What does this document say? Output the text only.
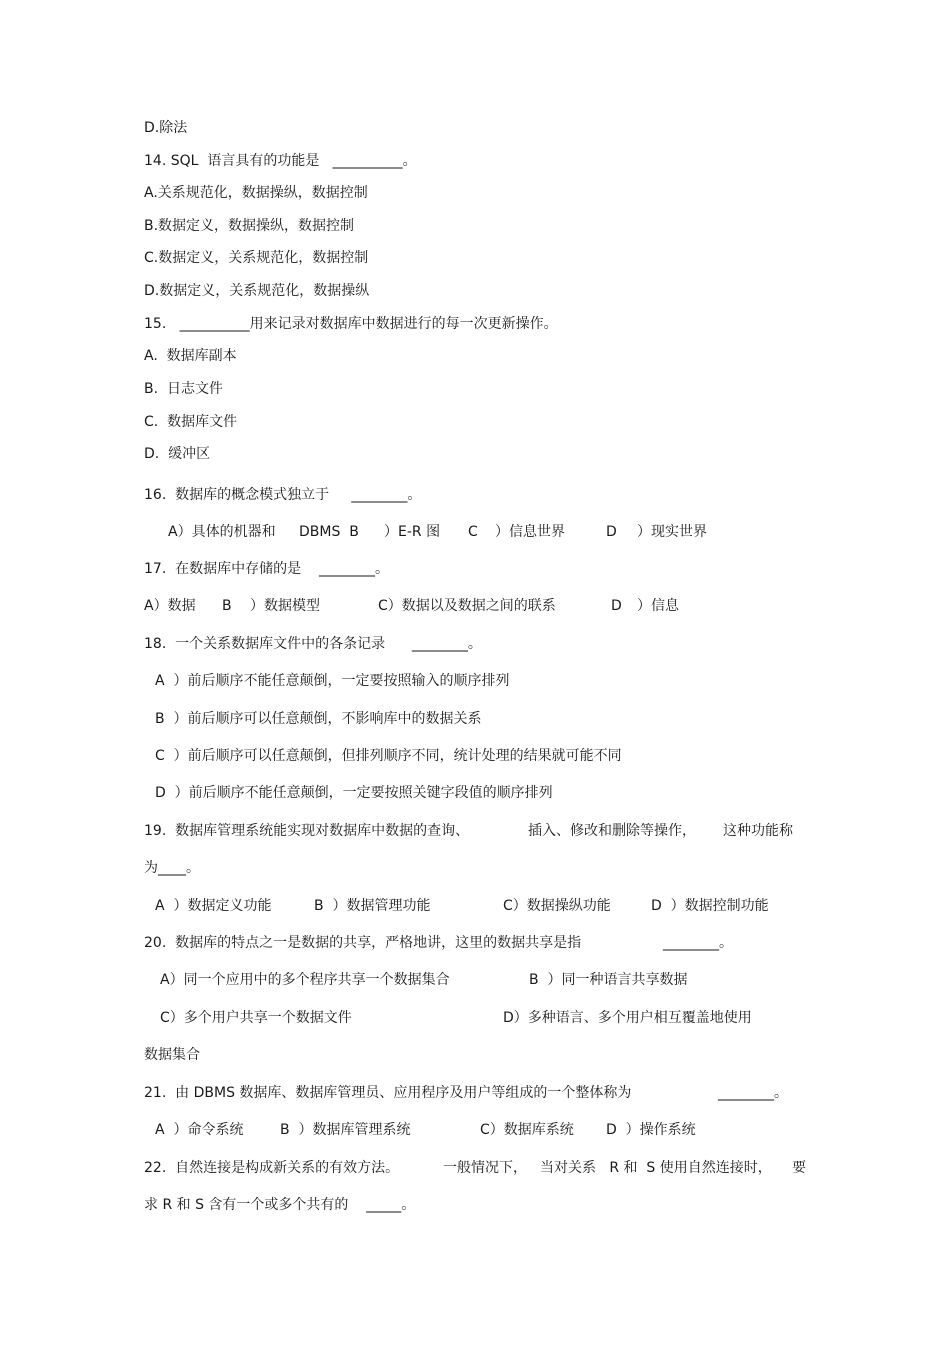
D.除法
14. SQL  语言具有的功能是   __________。
A.关系规范化，数据操纵，数据控制
B.数据定义，数据操纵，数据控制
C.数据定义，关系规范化，数据控制
D.数据定义，关系规范化，数据操纵
15.   __________用来记录对数据库中数据进行的每一次更新操作。
A.  数据库副本
B.  日志文件
C.  数据库文件
D.  缓冲区
16.  数据库的概念模式独立于     ________。
A）具体的机器和 DBMS  B ）E-R 图 C ）信息世界	D ）现实世界
17.  在数据库中存储的是    ________。
A）数据 B ）数据模型	C）数据以及数据之间的联系	D ）信息
18.  一个关系数据库文件中的各条记录      ________。
A  ）前后顺序不能任意颠倒，一定要按照输入的顺序排列
B  ）前后顺序可以任意颠倒，不影响库中的数据关系
C  ）前后顺序可以任意颠倒，但排列顺序不同，统计处理的结果就可能不同
D  ）前后顺序不能任意颠倒，一定要按照关键字段值的顺序排列
19.  数据库管理系统能实现对数据库中数据的查询、	插入、修改和删除等操作， 这种功能称
为____。
A  ）数据定义功能	B  ）数据管理功能	C）数据操纵功能	D  ）数据控制功能
20.  数据库的特点之一是数据的共享，严格地讲，这里的数据共享是指	________。
A）同一个应用中的多个程序共享一个数据集合	B  ）同一种语言共享数据
C）多个用户共享一个数据文件	D）多种语言、多个用户相互覆盖地使用
数据集合
21.  由 DBMS 数据库、数据库管理员、应用程序及用户等组成的一个整体称为	________。
A  ）命令系统	B  ）数据库管理系统	C）数据库系统 D  ）操作系统
22.  自然连接是构成新关系的有效方法。	一般情况下， 当对关系   R 和  S 使用自然连接时， 要
求 R 和 S 含有一个或多个共有的    _____。
